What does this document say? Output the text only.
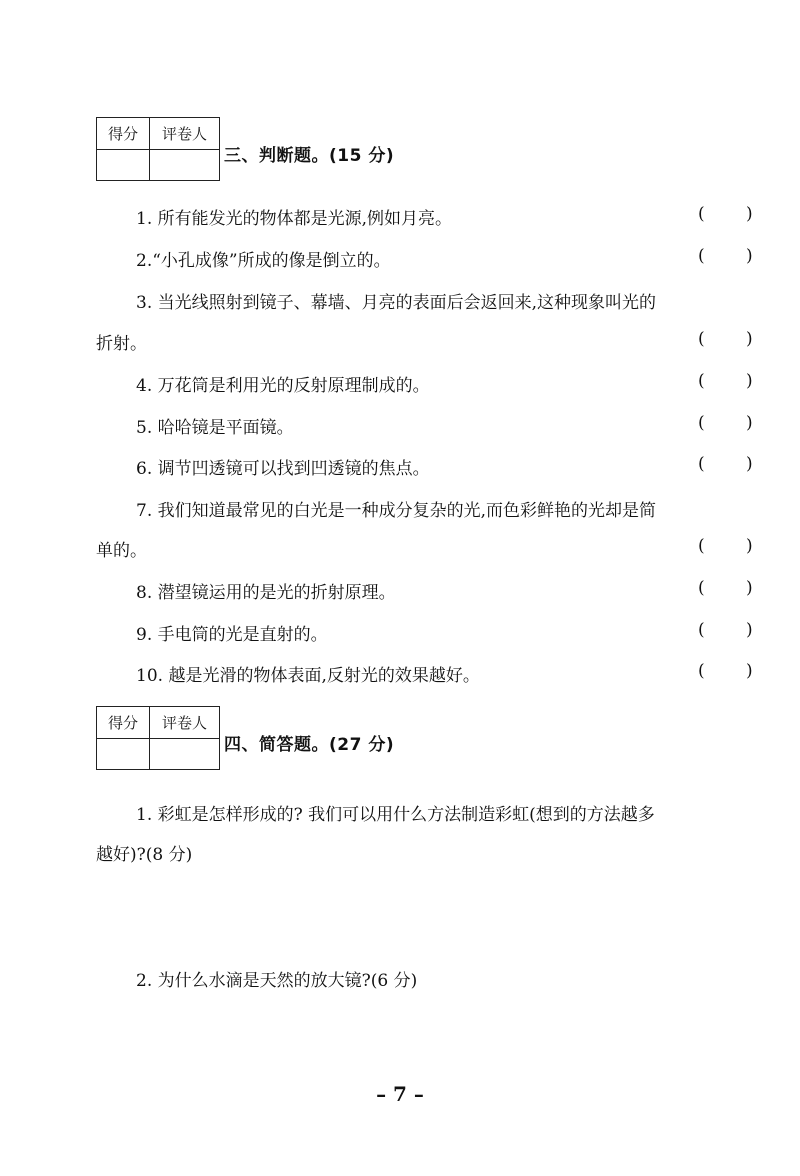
得分	评卷人
三、判断题。(15 分)
1. 所有能发光的物体都是光源,例如月亮。	( )
2.“小孔成像”所成的像是倒立的。	( )
3. 当光线照射到镜子、幕墙、月亮的表面后会返回来,这种现象叫光的
折射。	( )
4. 万花筒是利用光的反射原理制成的。	( )
5. 哈哈镜是平面镜。	( )
6. 调节凹透镜可以找到凹透镜的焦点。	( )
7. 我们知道最常见的白光是一种成分复杂的光,而色彩鲜艳的光却是简
单的。	( )
8. 潜望镜运用的是光的折射原理。	( )
9. 手电筒的光是直射的。	( )
10. 越是光滑的物体表面,反射光的效果越好。	( )
得分	评卷人
四、简答题。(27 分)
1. 彩虹是怎样形成的? 我们可以用什么方法制造彩虹(想到的方法越多
越好)?(8 分)
2. 为什么水滴是天然的放大镜?(6 分)
– 7 –
